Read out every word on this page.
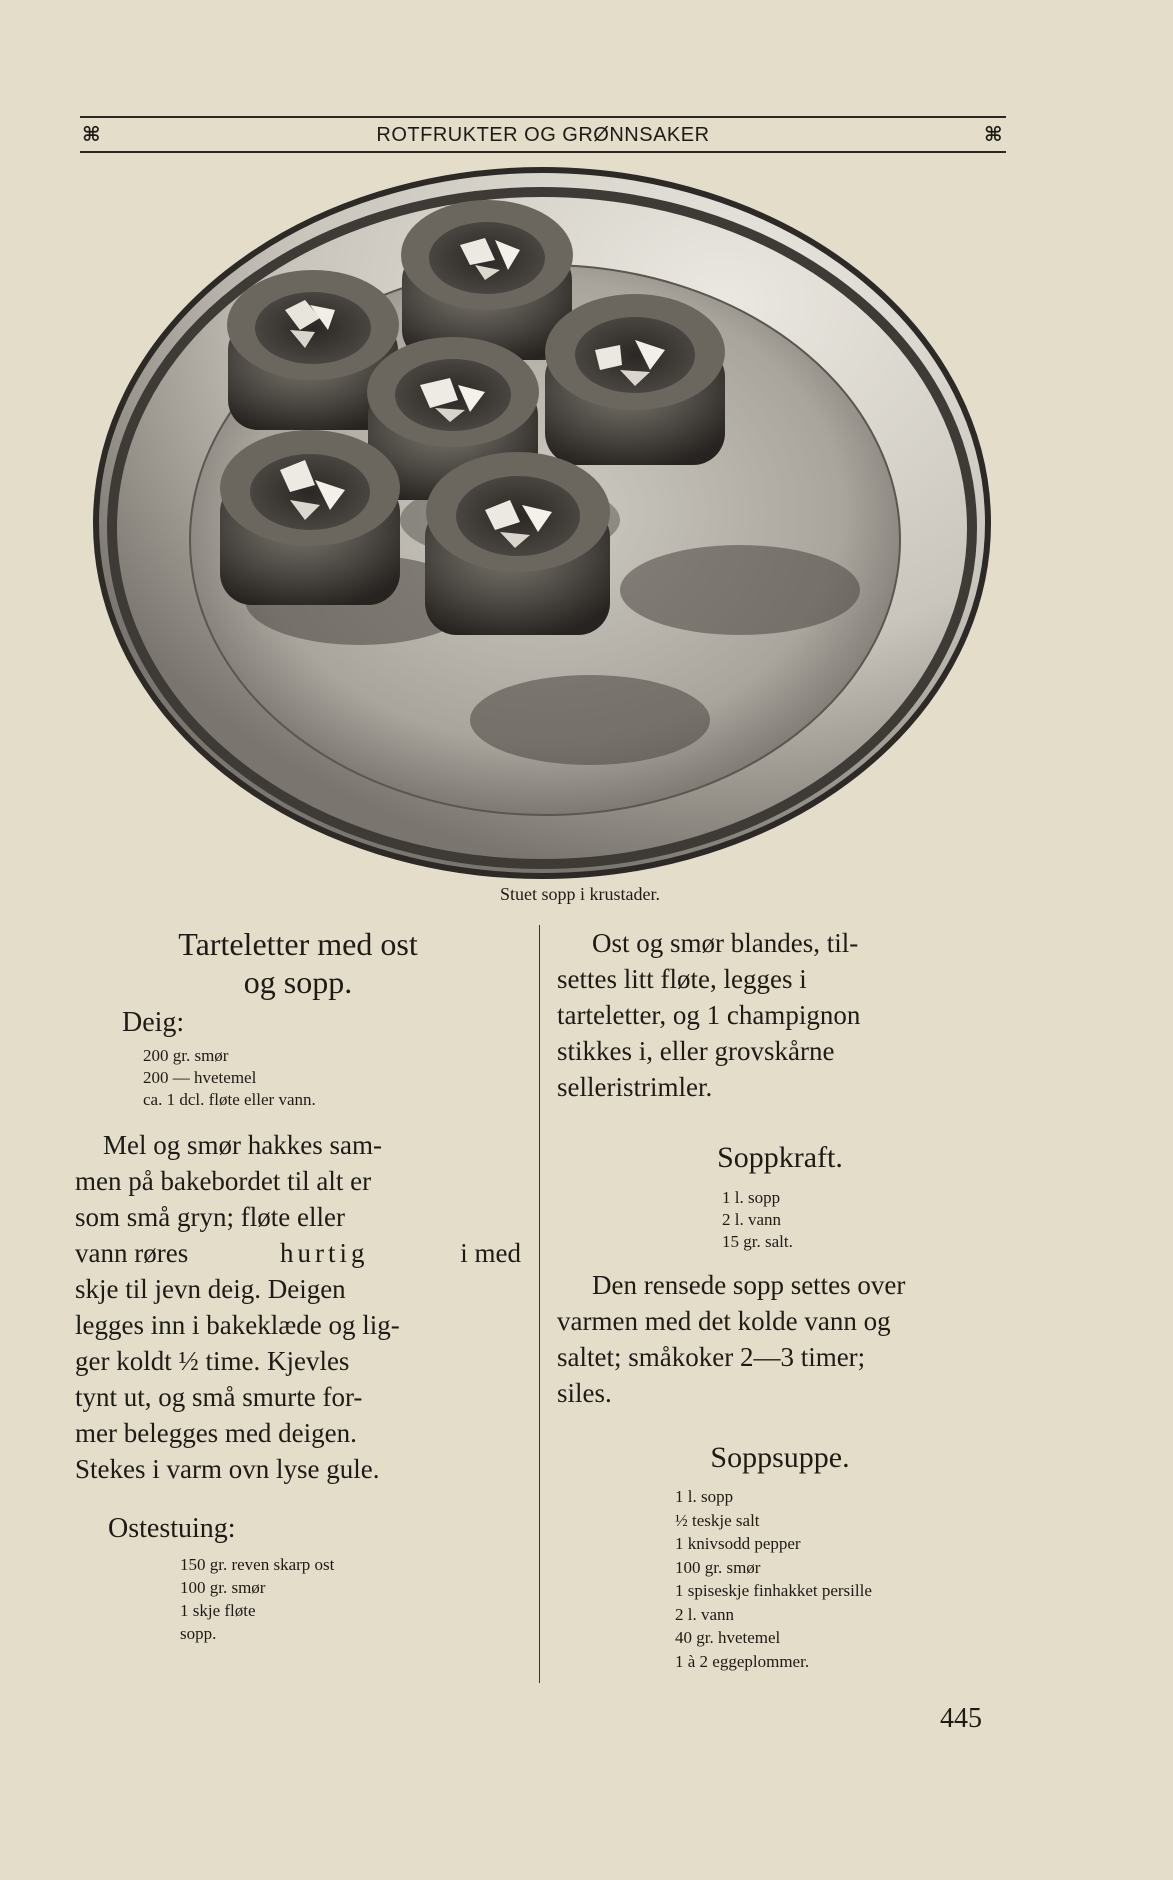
⌘	ROTFRUKTER OG GRØNNSAKER	⌘
Stuet sopp i krustader.
Tarteletter med ost
og sopp.
Deig:
200 gr. smør
200 — hvetemel
ca. 1 dcl. fløte eller vann.
Mel og smør hakkes sam-
men på bakebordet til alt er
som små gryn; fløte eller
vann røres	hurtig	i med
skje til jevn deig. Deigen
legges inn i bakeklæde og lig-
ger koldt ½ time. Kjevles
tynt ut, og små smurte for-
mer belegges med deigen.
Stekes i varm ovn lyse gule.
Ostestuing:
150 gr. reven skarp ost
100 gr. smør
1 skje fløte
sopp.
Ost og smør blandes, til-
settes litt fløte, legges i
tarteletter, og 1 champignon
stikkes i, eller grovskårne
selleristrimler.
Soppkraft.
1 l. sopp
2 l. vann
15 gr. salt.
Den rensede sopp settes over
varmen med det kolde vann og
saltet; småkoker 2—3 timer;
siles.
Soppsuppe.
1 l. sopp
½ teskje salt
1 knivsodd pepper
100 gr. smør
1 spiseskje finhakket persille
2 l. vann
40 gr. hvetemel
1 à 2 eggeplommer.
445
